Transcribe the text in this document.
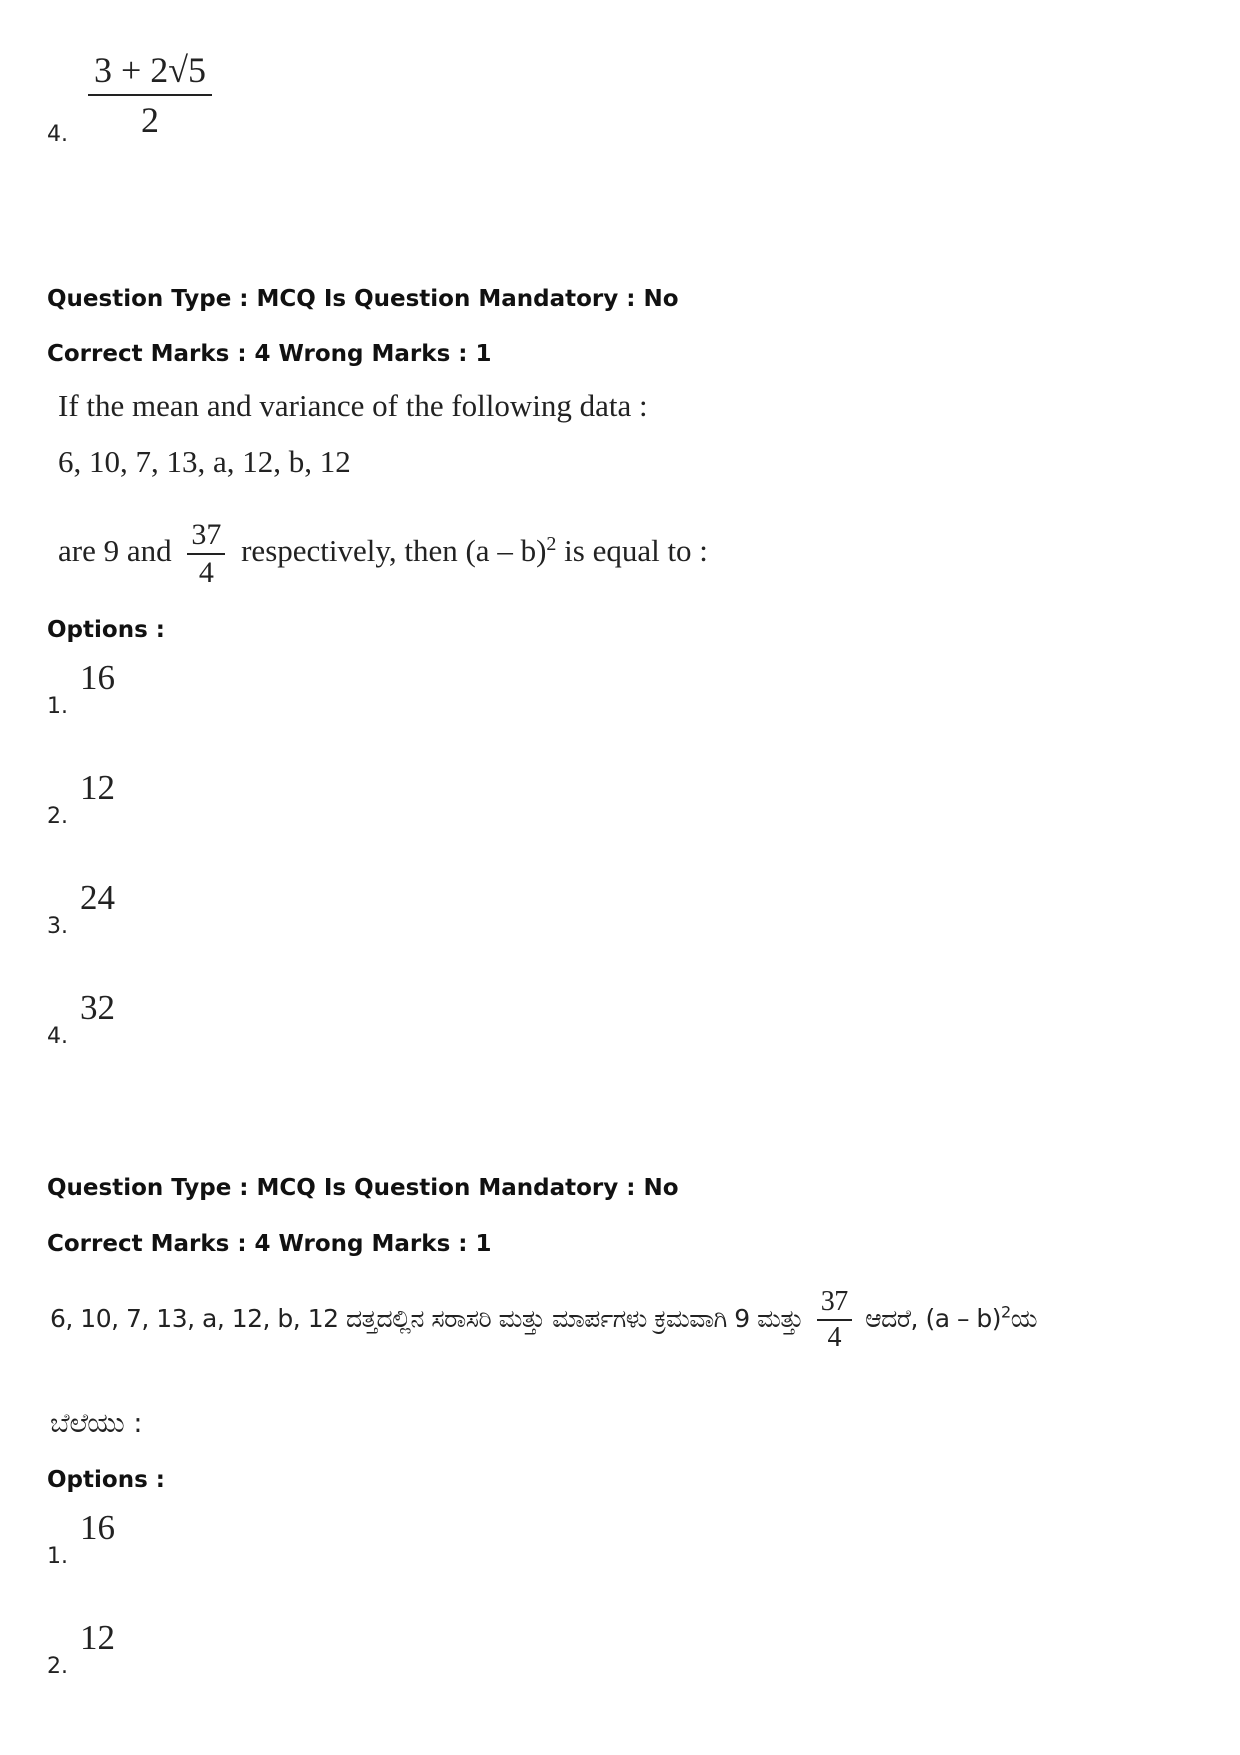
4. $\frac{3 + 2√5}{2}$
Question Type : MCQ Is Question Mandatory : No
Correct Marks : 4 Wrong Marks : 1
If the mean and variance of the following data :
6, 10, 7, 13, a, 12, b, 12
are 9 and $\frac{37}{4}$ respectively, then (a – b)$^2$ is equal to :
Options :
1. 16
2. 12
3. 24
4. 32
Question Type : MCQ Is Question Mandatory : No
Correct Marks : 4 Wrong Marks : 1
6, 10, 7, 13, a, 12, b, 12 ದತ್ತದಲ್ಲಿನ ಸರಾಸರಿ ಮತ್ತು ಮಾರ್ಪಗಳು ಕ್ರಮವಾಗಿ 9 ಮತ್ತು $\frac{37}{4}$ ಆದರೆ, (a – b)$^2$ಯ
ಬೆಲೆಯು :
Options :
1. 16
2. 12
